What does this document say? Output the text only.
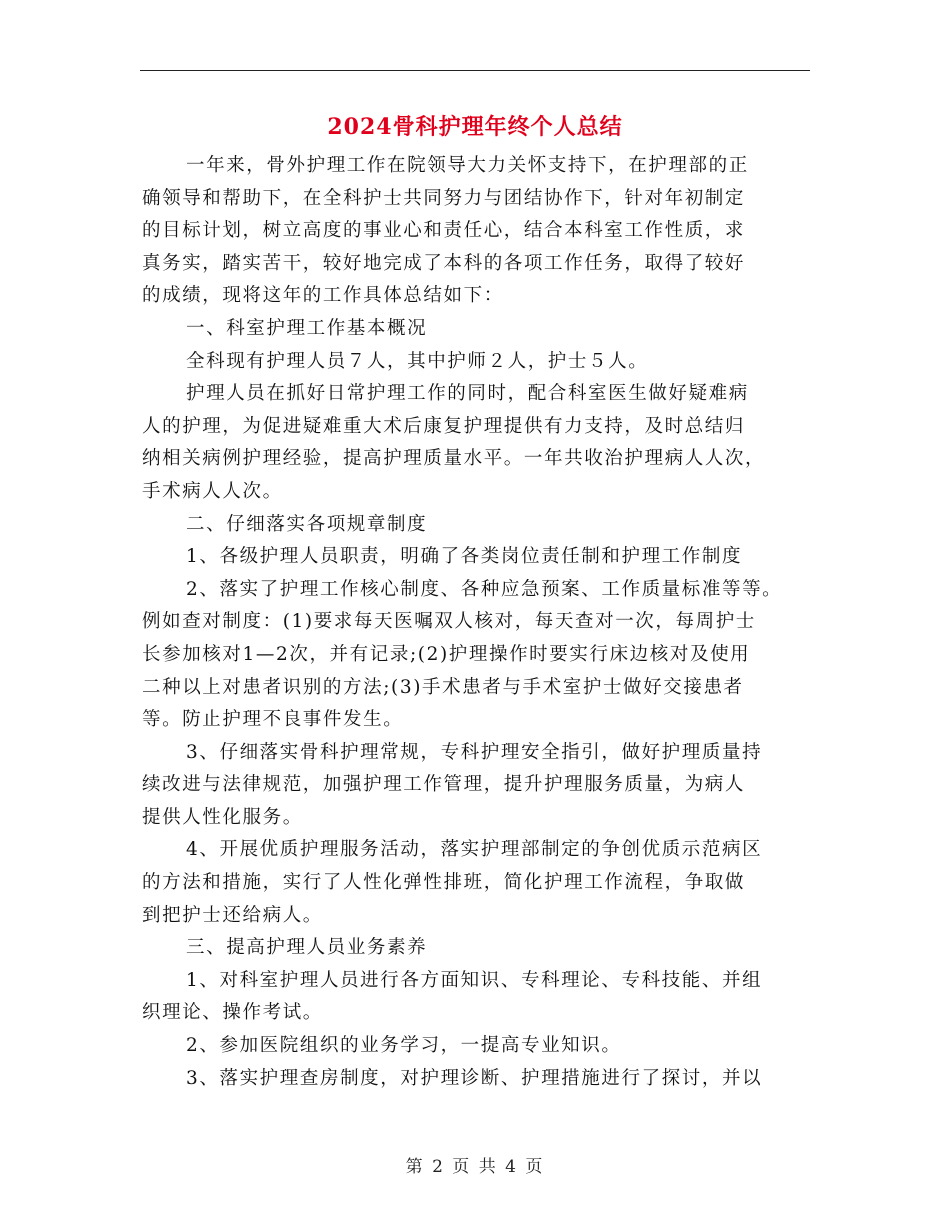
2024骨科护理年终个人总结
一年来，骨外护理工作在院领导大力关怀支持下，在护理部的正
确领导和帮助下，在全科护士共同努力与团结协作下，针对年初制定
的目标计划，树立高度的事业心和责任心，结合本科室工作性质，求
真务实，踏实苦干，较好地完成了本科的各项工作任务，取得了较好
的成绩，现将这年的工作具体总结如下：
一、科室护理工作基本概况
全科现有护理人员７人，其中护师２人，护士５人。
护理人员在抓好日常护理工作的同时，配合科室医生做好疑难病
人的护理，为促进疑难重大术后康复护理提供有力支持，及时总结归
纳相关病例护理经验，提高护理质量水平。一年共收治护理病人人次，
手术病人人次。
二、仔细落实各项规章制度
1、各级护理人员职责，明确了各类岗位责任制和护理工作制度
2、落实了护理工作核心制度、各种应急预案、工作质量标准等等。
例如查对制度：(1)要求每天医嘱双人核对，每天查对一次，每周护士
长参加核对1—2次，并有记录;(2)护理操作时要实行床边核对及使用
二种以上对患者识别的方法;(3)手术患者与手术室护士做好交接患者
等。防止护理不良事件发生。
3、仔细落实骨科护理常规，专科护理安全指引，做好护理质量持
续改进与法律规范，加强护理工作管理，提升护理服务质量，为病人
提供人性化服务。
4、开展优质护理服务活动，落实护理部制定的争创优质示范病区
的方法和措施，实行了人性化弹性排班，简化护理工作流程，争取做
到把护士还给病人。
三、提高护理人员业务素养
1、对科室护理人员进行各方面知识、专科理论、专科技能、并组
织理论、操作考试。
2、参加医院组织的业务学习，一提高专业知识。
3、落实护理查房制度，对护理诊断、护理措施进行了探讨，并以
第 2 页 共 4 页
